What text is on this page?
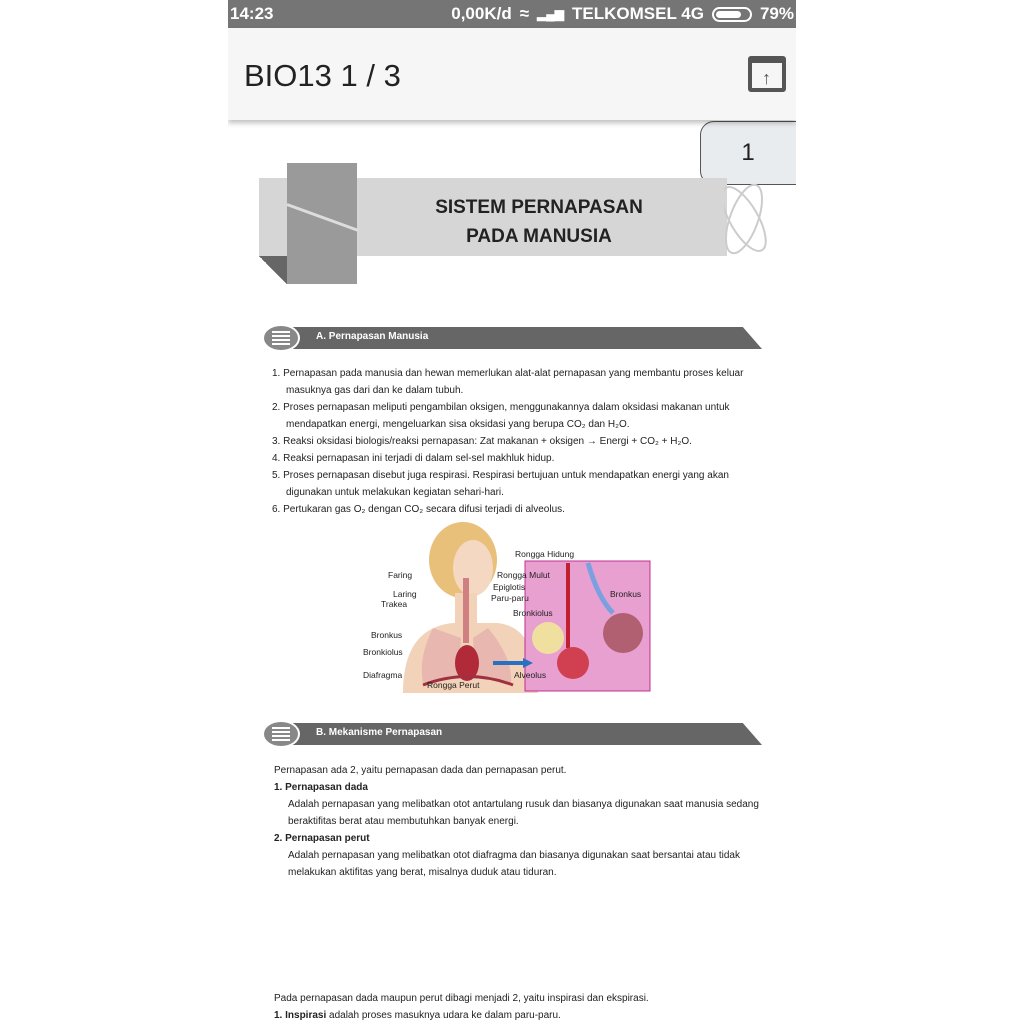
14:23	0,00K/d ≈ ▂▄▆ TELKOMSEL 4G	79%
BIO13 1 / 3	↑
1
SISTEM PERNAPASAN
PADA MANUSIA
A. Pernapasan Manusia
1. Pernapasan pada manusia dan hewan memerlukan alat-alat pernapasan yang membantu proses keluar masuknya gas dari dan ke dalam tubuh.
2. Proses pernapasan meliputi pengambilan oksigen, menggunakannya dalam oksidasi makanan untuk mendapatkan energi, mengeluarkan sisa oksidasi yang berupa CO₂ dan H₂O.
3. Reaksi oksidasi biologis/reaksi pernapasan: Zat makanan + oksigen → Energi + CO₂ + H₂O.
4. Reaksi pernapasan ini terjadi di dalam sel-sel makhluk hidup.
5. Proses pernapasan disebut juga respirasi. Respirasi bertujuan untuk mendapatkan energi yang akan digunakan untuk melakukan kegiatan sehari-hari.
6. Pertukaran gas O₂ dengan CO₂ secara difusi terjadi di alveolus.
Rongga Hidung
Faring	Rongga Mulut
Laring
Epiglotis
Trakea
Paru-paru
Bronkus
Bronkiolus
Diafragma
Rongga Perut
Bronkiolus
Bronkus
Alveolus
B. Mekanisme Pernapasan
Pernapasan ada 2, yaitu pernapasan dada dan pernapasan perut.
1. Pernapasan dada
Adalah pernapasan yang melibatkan otot antartulang rusuk dan biasanya digunakan saat manusia sedang beraktifitas berat atau membutuhkan banyak energi.
2. Pernapasan perut
Adalah pernapasan yang melibatkan otot diafragma dan biasanya digunakan saat bersantai atau tidak melakukan aktifitas yang berat, misalnya duduk atau tiduran.
Pada pernapasan dada maupun perut dibagi menjadi 2, yaitu inspirasi dan ekspirasi.
1. Inspirasi adalah proses masuknya udara ke dalam paru-paru.
